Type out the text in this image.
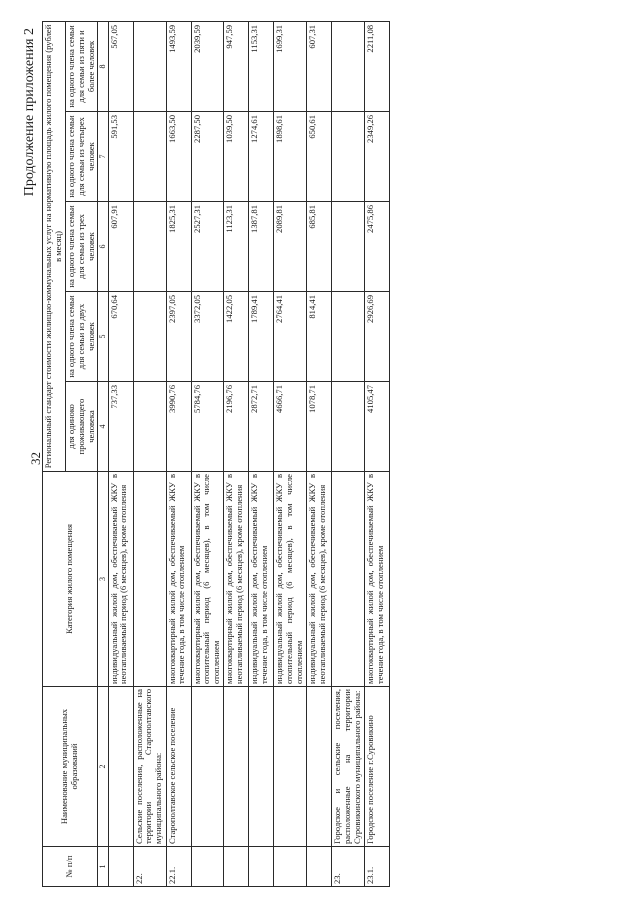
32
Продолжение приложения 2
№ п/п	Наименование муниципальных образований	Категория жилого помещения	Региональный стандарт стоимости жилищно-коммунальных услуг на нормативную площадь жилого помещения (рублей в месяц)				
			для одиноко проживающего человека	на одного члена семьи для семьи из двух человек	на одного члена семьи для семьи из трех человек	на одного члена семьи для семьи из четырех человек	на одного члена семьи для семьи из пяти и более человек
1	2	3	4	5	6	7	8
		индивидуальный жилой дом, обеспечиваемый ЖКУ в неотапливаемый период (6 месяцев), кроме отопления	737,33	670,64	607,91	591,53	567,05
22.	Сельские поселения, расположенные на территории Старополтавского муниципального района:						
22.1.	Старополтавское сельское поселение	многоквартирный жилой дом, обеспечиваемый ЖКУ в течение года, в том числе отоплением	3990,76	2397,05	1825,31	1663,50	1493,59
		многоквартирный жилой дом, обеспечиваемый ЖКУ в отопительный период (6 месяцев), в том числе отоплением	5784,76	3372,05	2527,31	2287,50	2039,59
		многоквартирный жилой дом, обеспечиваемый ЖКУ в неотапливаемый период (6 месяцев), кроме отопления	2196,76	1422,05	1123,31	1039,50	947,59
		индивидуальный жилой дом, обеспечиваемый ЖКУ в течение года, в том числе отоплением	2872,71	1789,41	1387,81	1274,61	1153,31
		индивидуальный жилой дом, обеспечиваемый ЖКУ в отопительный период (6 месяцев), в том числе отоплением	4666,71	2764,41	2089,81	1898,61	1699,31
		индивидуальный жилой дом, обеспечиваемый ЖКУ в неотапливаемый период (6 месяцев), кроме отопления	1078,71	814,41	685,81	650,61	607,31
23.	Городское и сельские поселения, расположенные на территории Суровикинского муниципального района:						
23.1.	Городское поселение г.Суровикино	многоквартирный жилой дом, обеспечиваемый ЖКУ в течение года, в том числе отоплением	4105,47	2926,69	2475,86	2349,26	2211,08
